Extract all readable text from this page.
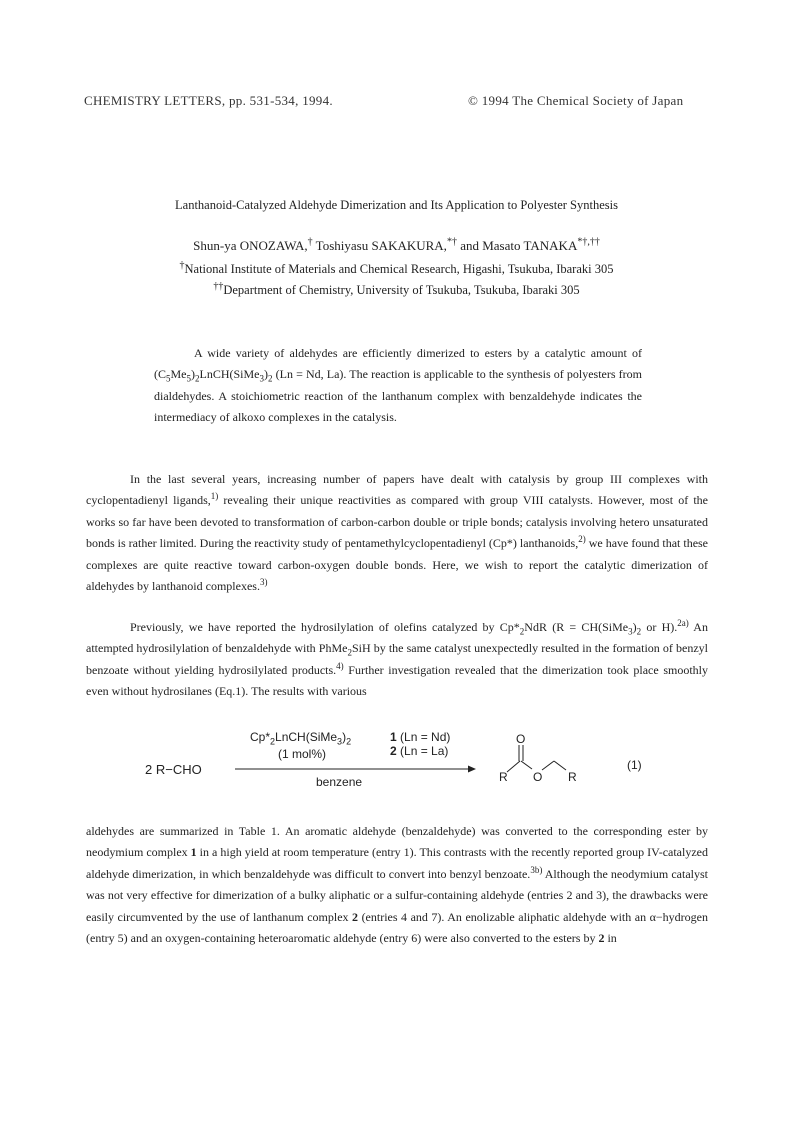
CHEMISTRY LETTERS, pp. 531-534, 1994.	© 1994 The Chemical Society of Japan
Lanthanoid-Catalyzed Aldehyde Dimerization and Its Application to Polyester Synthesis
Shun-ya ONOZAWA,† Toshiyasu SAKAKURA,*† and Masato TANAKA*†,††
†National Institute of Materials and Chemical Research, Higashi, Tsukuba, Ibaraki 305
††Department of Chemistry, University of Tsukuba, Tsukuba, Ibaraki 305
A wide variety of aldehydes are efficiently dimerized to esters by a catalytic amount of $(C_5Me_5)_2LnCH(SiMe_3)_2$ (Ln = Nd, La). The reaction is applicable to the synthesis of polyesters from dialdehydes. A stoichiometric reaction of the lanthanum complex with benzaldehyde indicates the intermediacy of alkoxo complexes in the catalysis.
In the last several years, increasing number of papers have dealt with catalysis by group III complexes with cyclopentadienyl ligands,$^{1)}$ revealing their unique reactivities as compared with group VIII catalysts. However, most of the works so far have been devoted to transformation of carbon-carbon double or triple bonds; catalysis involving hetero unsaturated bonds is rather limited. During the reactivity study of pentamethylcyclopentadienyl (Cp*) lanthanoids,$^{2)}$ we have found that these complexes are quite reactive toward carbon-oxygen double bonds. Here, we wish to report the catalytic dimerization of aldehydes by lanthanoid complexes.$^{3)}$
Previously, we have reported the hydrosilylation of olefins catalyzed by $Cp*_2NdR$ ($R = CH(SiMe_3)_2$ or H).$^{2a)}$ An attempted hydrosilylation of benzaldehyde with PhMe$_2$SiH by the same catalyst unexpectedly resulted in the formation of benzyl benzoate without yielding hydrosilylated products.$^{4)}$ Further investigation revealed that the dimerization took place smoothly even without hydrosilanes (Eq.1). The results with various
$Cp*_2LnCH(SiMe_3)_2$
(1 mol%)
1 (Ln = Nd)
2 (Ln = La)
2 R−CHO
benzene
O
R O R
(1)
aldehydes are summarized in Table 1. An aromatic aldehyde (benzaldehyde) was converted to the corresponding ester by neodymium complex 1 in a high yield at room temperature (entry 1). This contrasts with the recently reported group IV-catalyzed aldehyde dimerization, in which benzaldehyde was difficult to convert into benzyl benzoate.$^{3b)}$ Although the neodymium catalyst was not very effective for dimerization of a bulky aliphatic or a sulfur-containing aldehyde (entries 2 and 3), the drawbacks were easily circumvented by the use of lanthanum complex 2 (entries 4 and 7). An enolizable aliphatic aldehyde with an α−hydrogen (entry 5) and an oxygen-containing heteroaromatic aldehyde (entry 6) were also converted to the esters by 2 in
